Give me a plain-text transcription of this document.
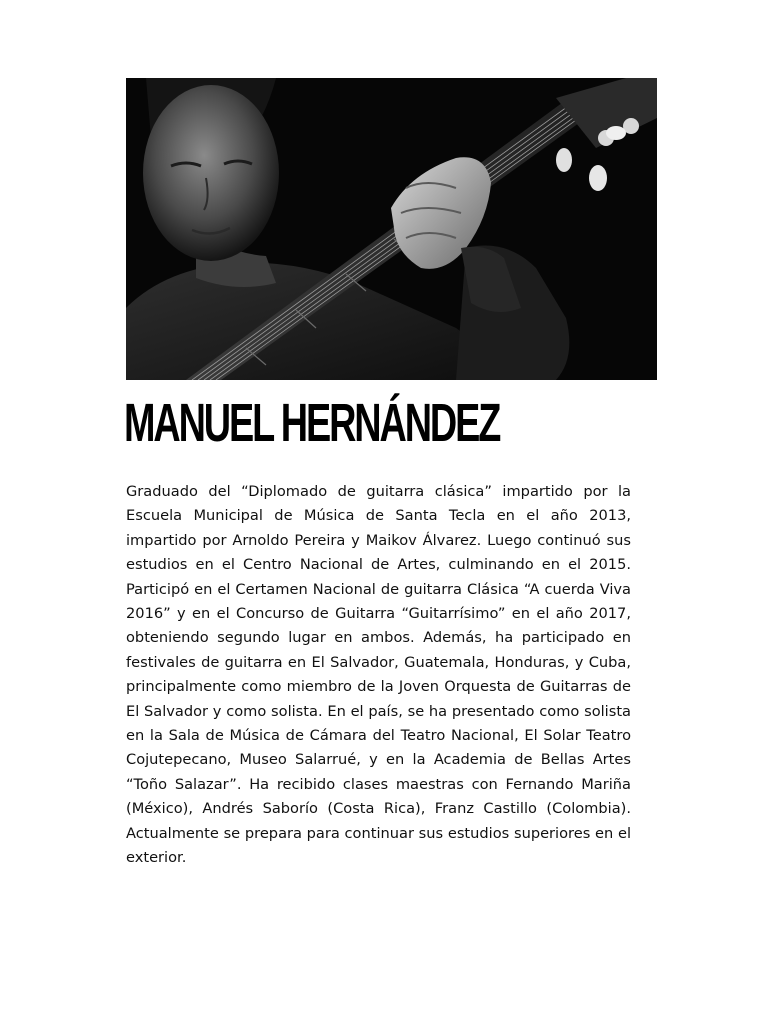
MANUEL HERNÁNDEZ

Graduado del “Diplomado de guitarra clásica” impartido por la Escuela Municipal de Música de Santa Tecla en el año 2013, impartido por Arnoldo Pereira y Maikov Álvarez. Luego continuó sus estudios en el Centro Nacional de Artes, culminando en el 2015. Participó en el Certamen Nacional de guitarra Clásica “A cuerda Viva 2016” y en el Concurso de Guitarra “Guitarrísimo” en el año 2017, obteniendo segundo lugar en ambos. Además, ha participado en festivales de guitarra en El Salvador, Guatemala, Honduras, y Cuba, principalmente como miembro de la Joven Orquesta de Guitarras de El Salvador y como solista. En el país, se ha presentado como solista en la Sala de Música de Cámara del Teatro Nacional, El Solar Teatro Cojutepecano, Museo Salarrué, y en la Academia de Bellas Artes “Toño Salazar”. Ha recibido clases maestras con Fernando Mariña (México), Andrés Saborío (Costa Rica), Franz Castillo (Colombia). Actualmente se prepara para continuar sus estudios superiores en el exterior.
